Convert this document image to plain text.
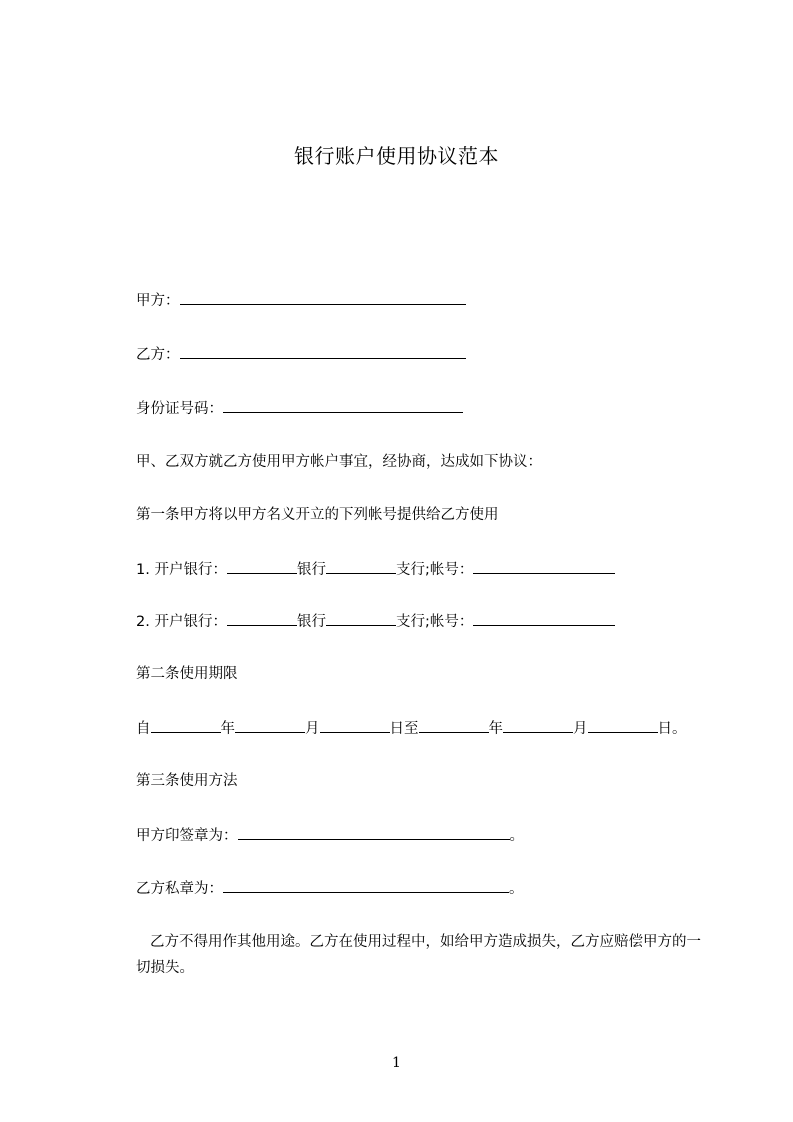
银行账户使用协议范本
甲方：
乙方：
身份证号码：
甲、乙双方就乙方使用甲方帐户事宜，经协商，达成如下协议：
第一条甲方将以甲方名义开立的下列帐号提供给乙方使用
1. 开户银行：	银行	支行;帐号：
2. 开户银行：	银行	支行;帐号：
第二条使用期限
自	年	月	日至	年	月	日。
第三条使用方法
甲方印签章为：	。
乙方私章为：	。
乙方不得用作其他用途。乙方在使用过程中，如给甲方造成损失，乙方应赔偿甲方的一切损失。
1
